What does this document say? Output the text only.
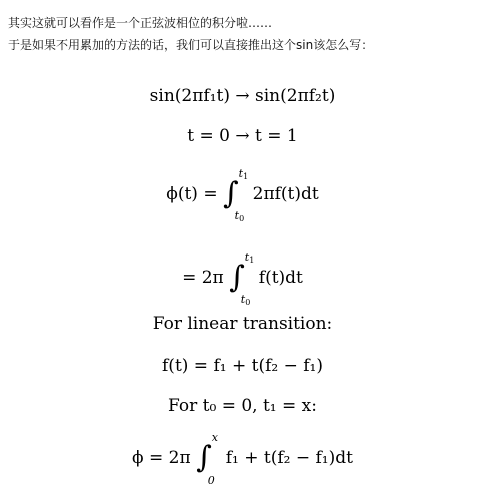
其实这就可以看作是一个正弦波相位的积分啦……

于是如果不用累加的方法的话，我们可以直接推出这个sin该怎么写：

sin(2πf₁t) → sin(2πf₂t)
t = 0 → t = 1
ϕ(t) = ∫
$t_1$
$t_0$
2πf(t)dt
= 2π ∫
$t_1$
$t_0$
f(t)dt
For linear transition:
f(t) = f₁ + t(f₂ − f₁)
For t₀ = 0, t₁ = x:
ϕ = 2π ∫
x
0
f₁ + t(f₂ − f₁)dt
